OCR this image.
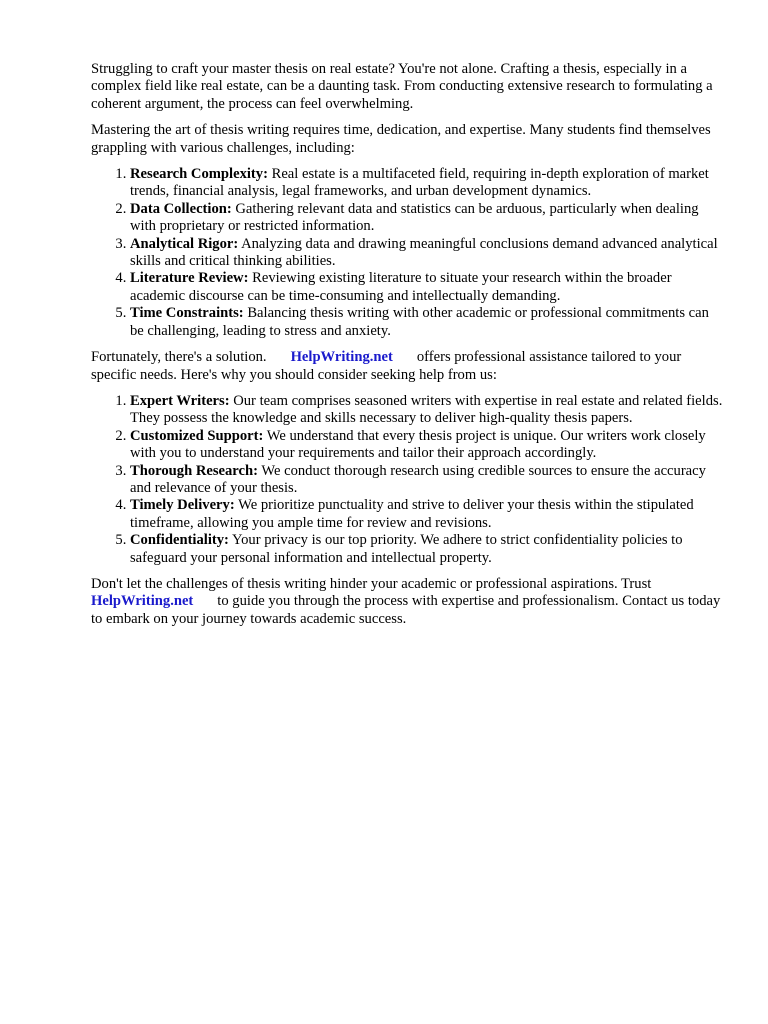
Struggling to craft your master thesis on real estate? You're not alone. Crafting a thesis, especially in a complex field like real estate, can be a daunting task. From conducting extensive research to formulating a coherent argument, the process can feel overwhelming.

Mastering the art of thesis writing requires time, dedication, and expertise. Many students find themselves grappling with various challenges, including:

1. Research Complexity: Real estate is a multifaceted field, requiring in-depth exploration of market trends, financial analysis, legal frameworks, and urban development dynamics.
2. Data Collection: Gathering relevant data and statistics can be arduous, particularly when dealing with proprietary or restricted information.
3. Analytical Rigor: Analyzing data and drawing meaningful conclusions demand advanced analytical skills and critical thinking abilities.
4. Literature Review: Reviewing existing literature to situate your research within the broader academic discourse can be time-consuming and intellectually demanding.
5. Time Constraints: Balancing thesis writing with other academic or professional commitments can be challenging, leading to stress and anxiety.

Fortunately, there's a solution. HelpWriting.net offers professional assistance tailored to your specific needs. Here's why you should consider seeking help from us:

1. Expert Writers: Our team comprises seasoned writers with expertise in real estate and related fields. They possess the knowledge and skills necessary to deliver high-quality thesis papers.
2. Customized Support: We understand that every thesis project is unique. Our writers work closely with you to understand your requirements and tailor their approach accordingly.
3. Thorough Research: We conduct thorough research using credible sources to ensure the accuracy and relevance of your thesis.
4. Timely Delivery: We prioritize punctuality and strive to deliver your thesis within the stipulated timeframe, allowing you ample time for review and revisions.
5. Confidentiality: Your privacy is our top priority. We adhere to strict confidentiality policies to safeguard your personal information and intellectual property.

Don't let the challenges of thesis writing hinder your academic or professional aspirations. Trust HelpWriting.net to guide you through the process with expertise and professionalism. Contact us today to embark on your journey towards academic success.
